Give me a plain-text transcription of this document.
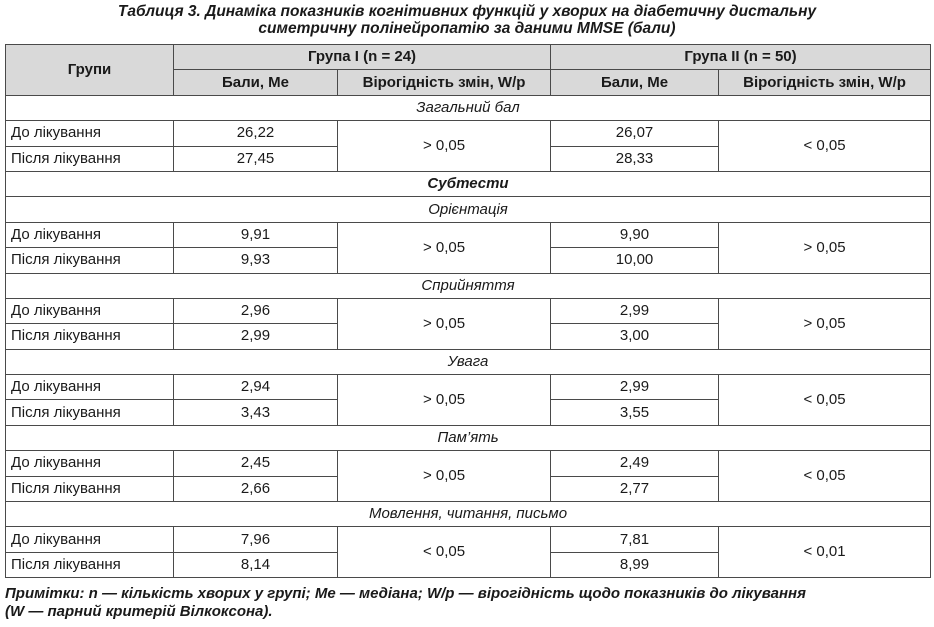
Таблиця 3. Динаміка показників когнітивних функцій у хворих на діабетичну дистальну
симетричну полінейропатію за даними MMSE (бали)
Групи	Група I (n = 24)		Група II (n = 50)	
	Бали, Ме	Вірогідність змін, W/p	Бали, Ме	Вірогідність змін, W/p
Загальний бал				
До лікування	26,22	> 0,05	26,07	< 0,05
Після лікування	27,45		28,33	
Субтести				
Орієнтація				
До лікування	9,91	> 0,05	9,90	> 0,05
Після лікування	9,93		10,00	
Сприйняття				
До лікування	2,96	> 0,05	2,99	> 0,05
Після лікування	2,99		3,00	
Увага				
До лікування	2,94	> 0,05	2,99	< 0,05
Після лікування	3,43		3,55	
Пам’ять				
До лікування	2,45	> 0,05	2,49	< 0,05
Після лікування	2,66		2,77	
Мовлення, читання, письмо				
До лікування	7,96	< 0,05	7,81	< 0,01
Після лікування	8,14		8,99	
Примітки: n — кількість хворих у групі; Me — медіана; W/p — вірогідність щодо показників до лікування
(W — парний критерій Вілкоксона).
